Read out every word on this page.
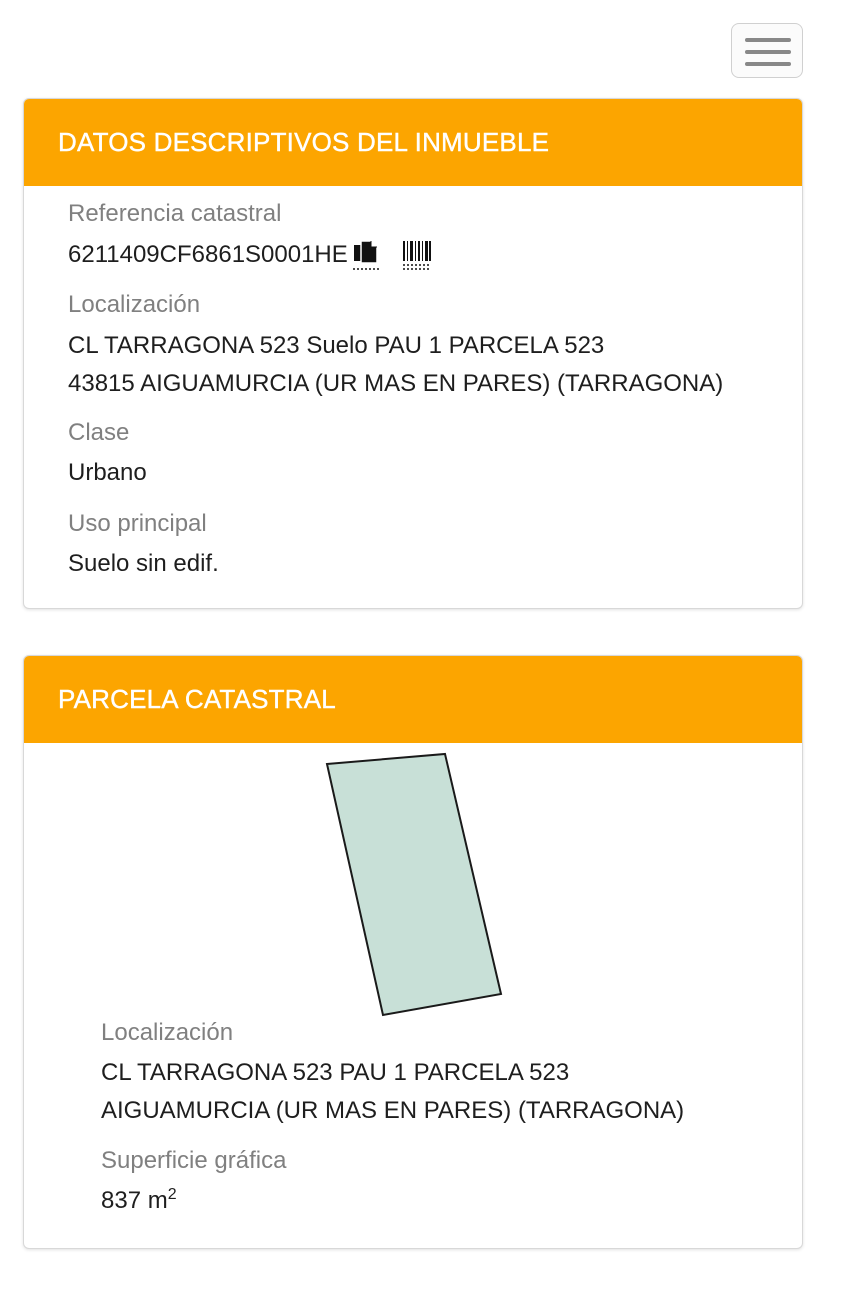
DATOS DESCRIPTIVOS DEL INMUEBLE
Referencia catastral
6211409CF6861S0001HE
Localización
CL TARRAGONA 523 Suelo PAU 1 PARCELA 523
43815 AIGUAMURCIA (UR MAS EN PARES) (TARRAGONA)
Clase
Urbano
Uso principal
Suelo sin edif.
PARCELA CATASTRAL
Localización
CL TARRAGONA 523 PAU 1 PARCELA 523
AIGUAMURCIA (UR MAS EN PARES) (TARRAGONA)
Superficie gráfica
837 $m^2$
